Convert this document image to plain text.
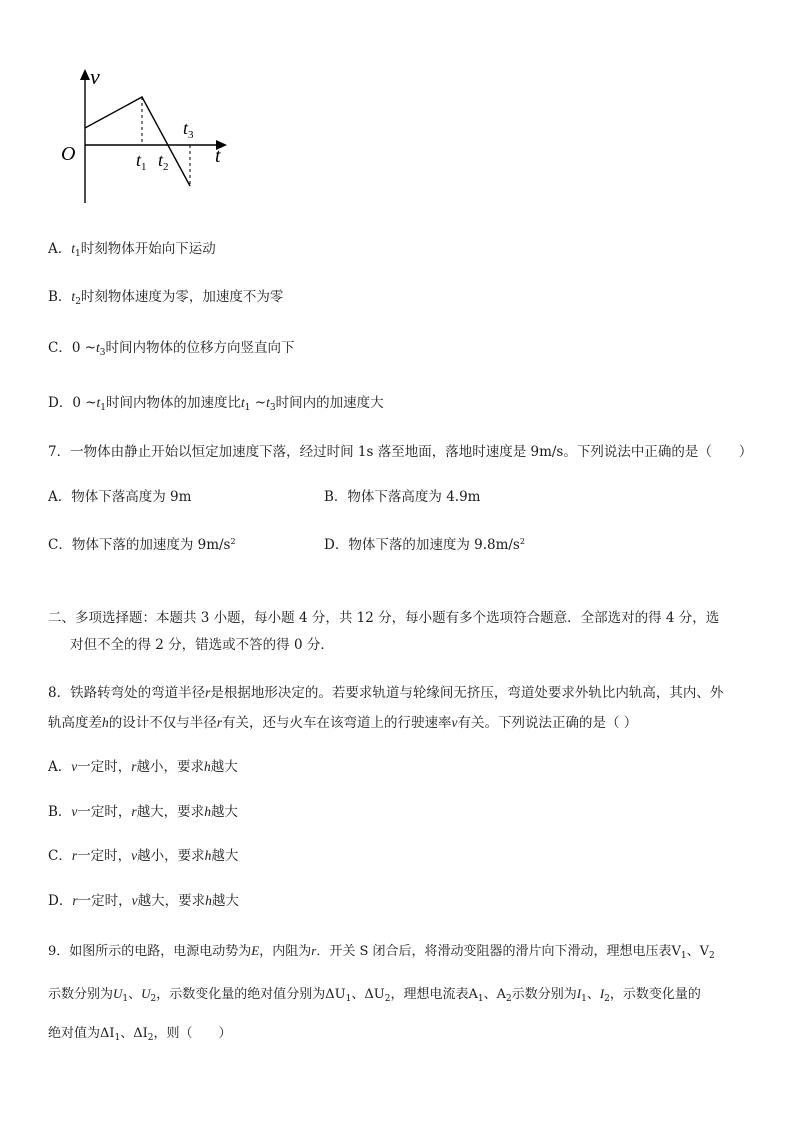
v
O	t
$t_1$ $t_2$
$t_3$
A．$t_1$时刻物体开始向下运动
B．$t_2$时刻物体速度为零，加速度不为零
C．0 $\sim t_3$时间内物体的位移方向竖直向下
D．0 $\sim t_1$时间内物体的加速度比$t_1$ $\sim t_3$时间内的加速度大
7．一物体由静止开始以恒定加速度下落，经过时间 1s 落至地面，落地时速度是 9m/s。下列说法中正确的是（　　）
A．物体下落高度为 9m	B．物体下落高度为 4.9m
C．物体下落的加速度为 $9m/s^2$	D．物体下落的加速度为 $9.8m/s^2$
二、多项选择题：本题共 3 小题，每小题 4 分，共 12 分，每小题有多个选项符合题意．全部选对的得 4 分，选
对但不全的得 2 分，错选或不答的得 0 分．
8．铁路转弯处的弯道半径r是根据地形决定的。若要求轨道与轮缘间无挤压，弯道处要求外轨比内轨高，其内、外
轨高度差h的设计不仅与半径r有关，还与火车在该弯道上的行驶速率v有关。下列说法正确的是（ ）
A．v一定时，r越小，要求h越大
B．v一定时，r越大，要求h越大
C．r一定时，v越小，要求h越大
D．r一定时，v越大，要求h越大
9．如图所示的电路，电源电动势为E，内阻为r．开关 S 闭合后，将滑动变阻器的滑片向下滑动，理想电压表$V_1$、$V_2$
示数分别为$U_1$、$U_2$，示数变化量的绝对值分别为$\Delta U_1$、$\Delta U_2$，理想电流表$A_1$、$A_2$示数分别为$I_1$、$I_2$，示数变化量的
绝对值为$\Delta I_1$、$\Delta I_2$，则（　　）
